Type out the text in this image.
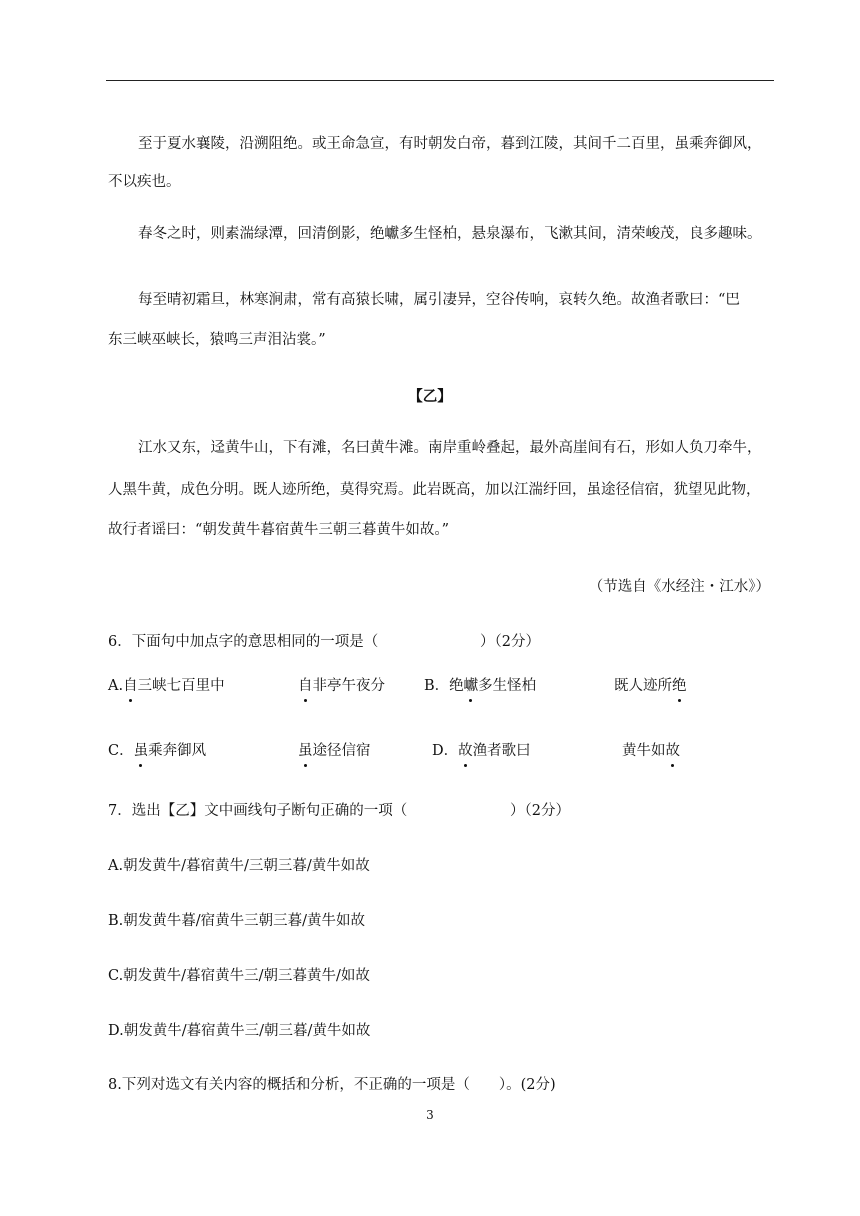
至于夏水襄陵，沿溯阻绝。或王命急宣，有时朝发白帝，暮到江陵，其间千二百里，虽乘奔御风，
不以疾也。
春冬之时，则素湍绿潭，回清倒影，绝巘多生怪柏，悬泉瀑布，飞漱其间，清荣峻茂，良多趣味。
每至晴初霜旦，林寒涧肃，常有高猿长啸，属引凄异，空谷传响，哀转久绝。故渔者歌曰：“巴
东三峡巫峡长，猿鸣三声泪沾裳。”
【乙】
江水又东，迳黄牛山，下有滩，名曰黄牛滩。南岸重岭叠起，最外高崖间有石，形如人负刀牵牛，
人黑牛黄，成色分明。既人迹所绝，莫得究焉。此岩既高，加以江湍纡回，虽途径信宿，犹望见此物，
故行者谣曰：“朝发黄牛暮宿黄牛三朝三暮黄牛如故。”
（节选自《水经注・江水》）
6．下面句中加点字的意思相同的一项是（	）（2分）
A.自三峡七百里中	自非亭午夜分	B．绝巘多生怪柏	既人迹所绝
C．虽乘奔御风	虽途径信宿	D．故渔者歌曰	黄牛如故
7．选出【乙】文中画线句子断句正确的一项（	）（2分）
A.朝发黄牛/暮宿黄牛/三朝三暮/黄牛如故
B.朝发黄牛暮/宿黄牛三朝三暮/黄牛如故
C.朝发黄牛/暮宿黄牛三/朝三暮黄牛/如故
D.朝发黄牛/暮宿黄牛三/朝三暮/黄牛如故
8.下列对选文有关内容的概括和分析，不正确的一项是（　　）。(2分)
3
